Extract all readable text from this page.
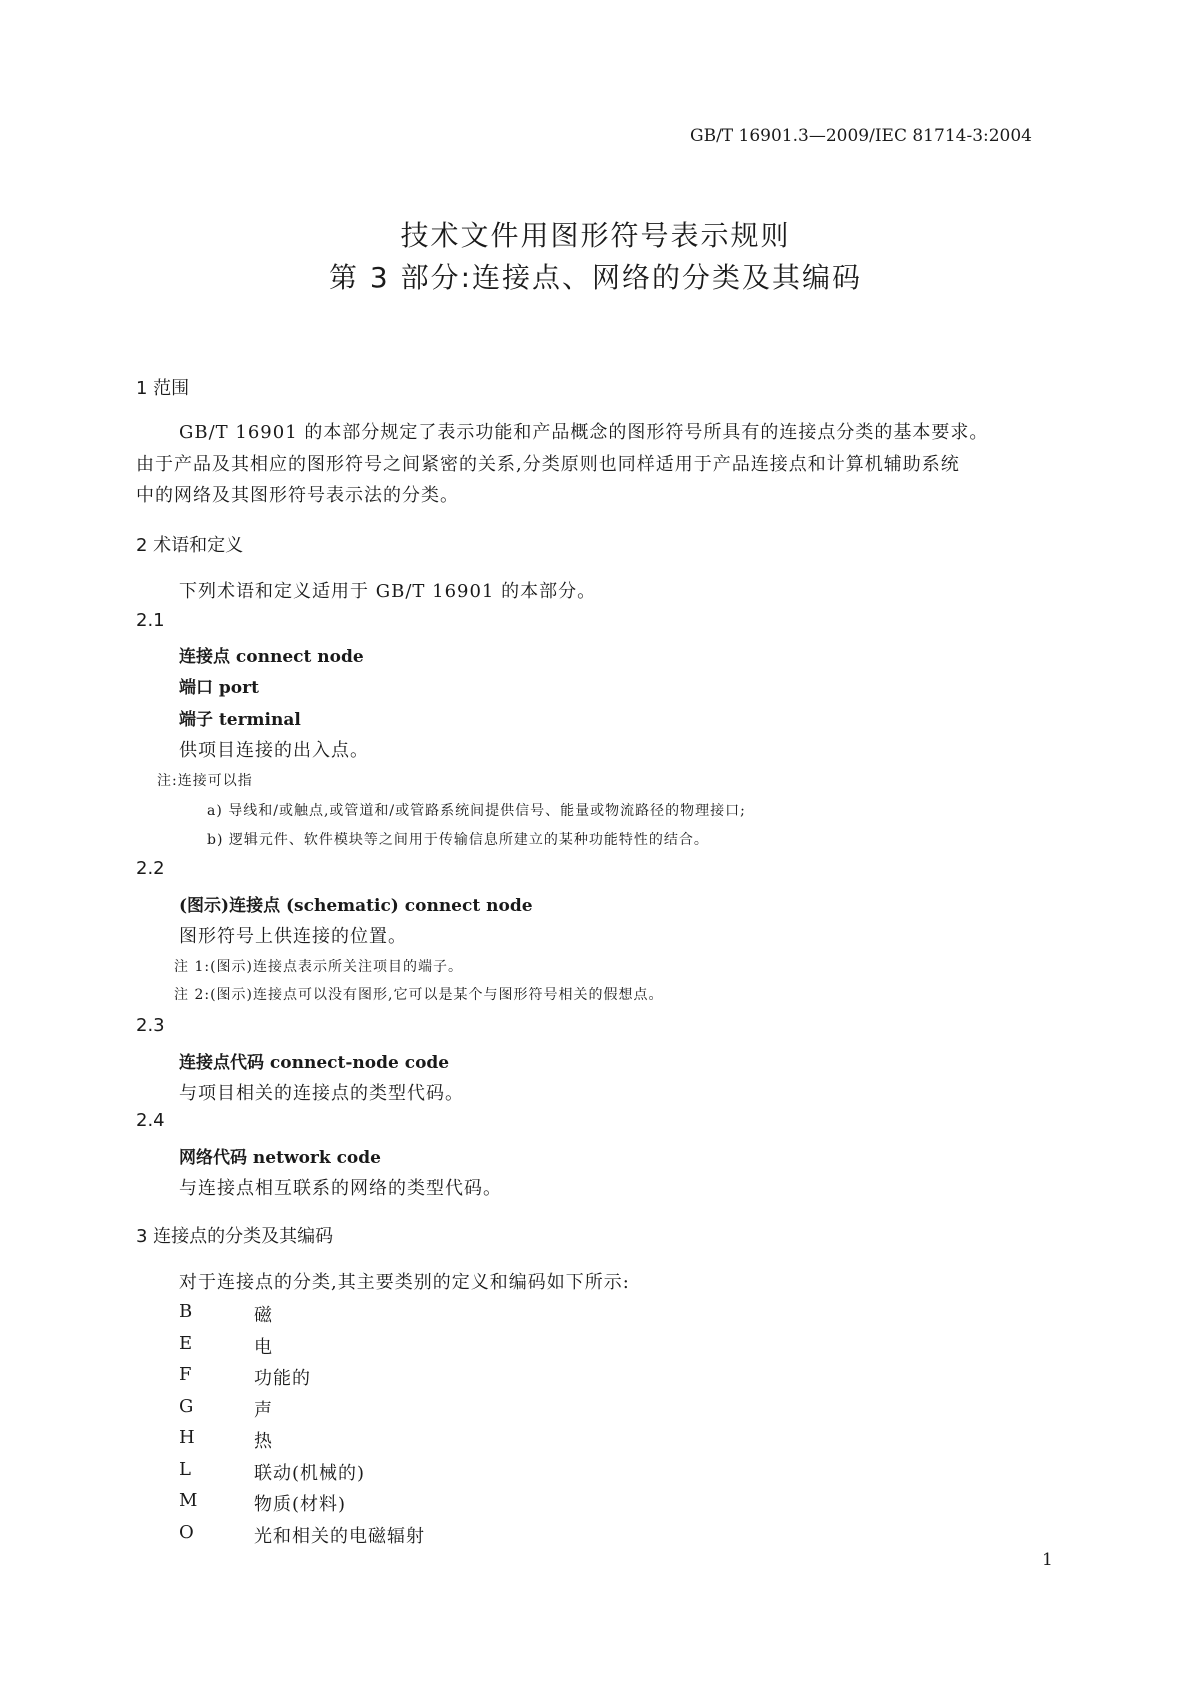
GB/T 16901.3—2009/IEC 81714-3:2004
技术文件用图形符号表示规则
第 3 部分:连接点、网络的分类及其编码
1 范围
GB/T 16901 的本部分规定了表示功能和产品概念的图形符号所具有的连接点分类的基本要求。
由于产品及其相应的图形符号之间紧密的关系,分类原则也同样适用于产品连接点和计算机辅助系统
中的网络及其图形符号表示法的分类。
2 术语和定义
下列术语和定义适用于 GB/T 16901 的本部分。
2.1
连接点 connect node
端口 port
端子 terminal
供项目连接的出入点。
注:连接可以指
a) 导线和/或触点,或管道和/或管路系统间提供信号、能量或物流路径的物理接口;
b) 逻辑元件、软件模块等之间用于传输信息所建立的某种功能特性的结合。
2.2
(图示)连接点 (schematic) connect node
图形符号上供连接的位置。
注 1:(图示)连接点表示所关注项目的端子。
注 2:(图示)连接点可以没有图形,它可以是某个与图形符号相关的假想点。
2.3
连接点代码 connect-node code
与项目相关的连接点的类型代码。
2.4
网络代码 network code
与连接点相互联系的网络的类型代码。
3 连接点的分类及其编码
对于连接点的分类,其主要类别的定义和编码如下所示:
B	磁
E	电
F	功能的
G	声
H	热
L	联动(机械的)
M	物质(材料)
O	光和相关的电磁辐射
1
